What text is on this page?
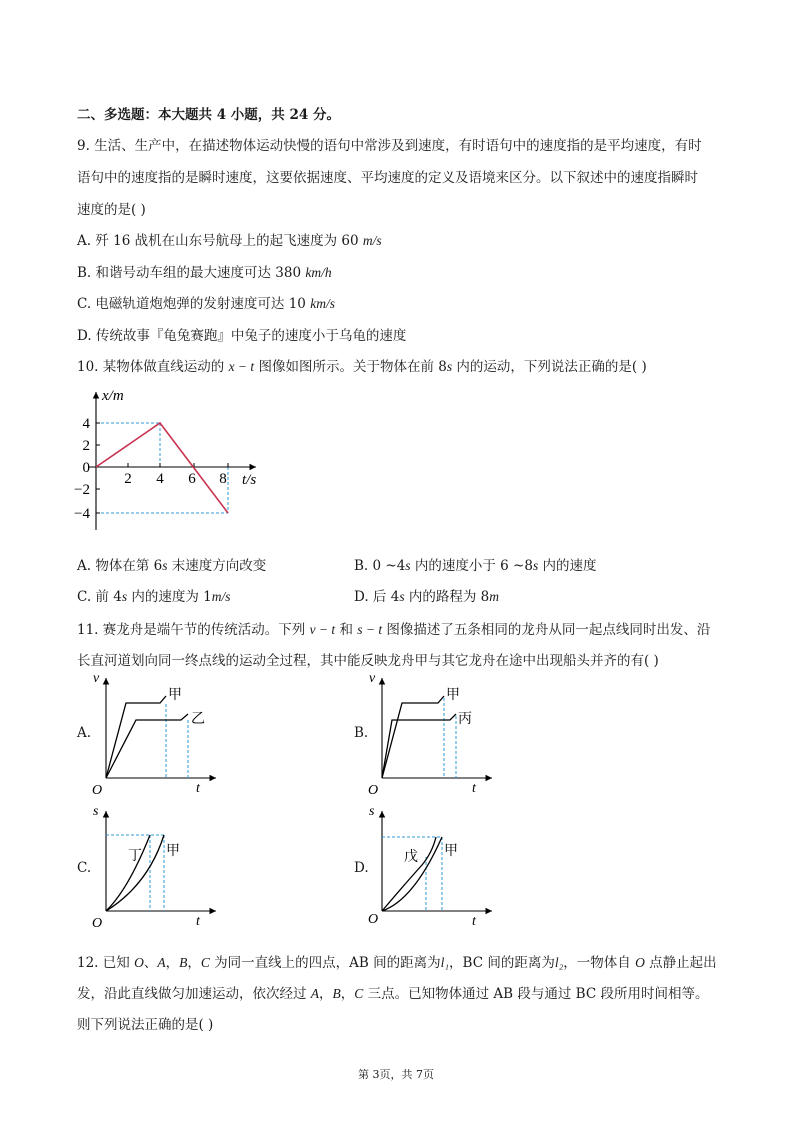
二、多选题：本大题共 4 小题，共 24 分。
9. 生活、生产中，在描述物体运动快慢的语句中常涉及到速度，有时语句中的速度指的是平均速度，有时
语句中的速度指的是瞬时速度，这要依据速度、平均速度的定义及语境来区分。以下叙述中的速度指瞬时
速度的是( )
A. 歼 16 战机在山东号航母上的起飞速度为 60 m/s
B. 和谐号动车组的最大速度可达 380 km/h
C. 电磁轨道炮炮弹的发射速度可达 10 km/s
D. 传统故事『龟兔赛跑』中兔子的速度小于乌龟的速度
10. 某物体做直线运动的 x − t 图像如图所示。关于物体在前 8s 内的运动，下列说法正确的是( )
x/m
t/s
4
2
0
−2
−4
2 4 6 8
A. 物体在第 6s 末速度方向改变	B. 0 ~4s 内的速度小于 6 ~8s 内的速度
C. 前 4s 内的速度为 1m/s	D. 后 4s 内的路程为 8m
11. 赛龙舟是端午节的传统活动。下列 v − t 和 s − t 图像描述了五条相同的龙舟从同一起点线同时出发、沿
长直河道划向同一终点线的运动全过程，其中能反映龙舟甲与其它龙舟在途中出现船头并齐的有( )
A.
v
t
O
甲
乙
B.
v
t
O
甲
丙
C.
s
t
O
甲
丁
D.
s
t
O
甲
戊
12. 已知 O、A，B，C 为同一直线上的四点，AB 间的距离为l₁，BC 间的距离为l₂，一物体自 O 点静止起出
发，沿此直线做匀加速运动，依次经过 A，B，C 三点。已知物体通过 AB 段与通过 BC 段所用时间相等。
则下列说法正确的是( )
第 3页，共 7页
